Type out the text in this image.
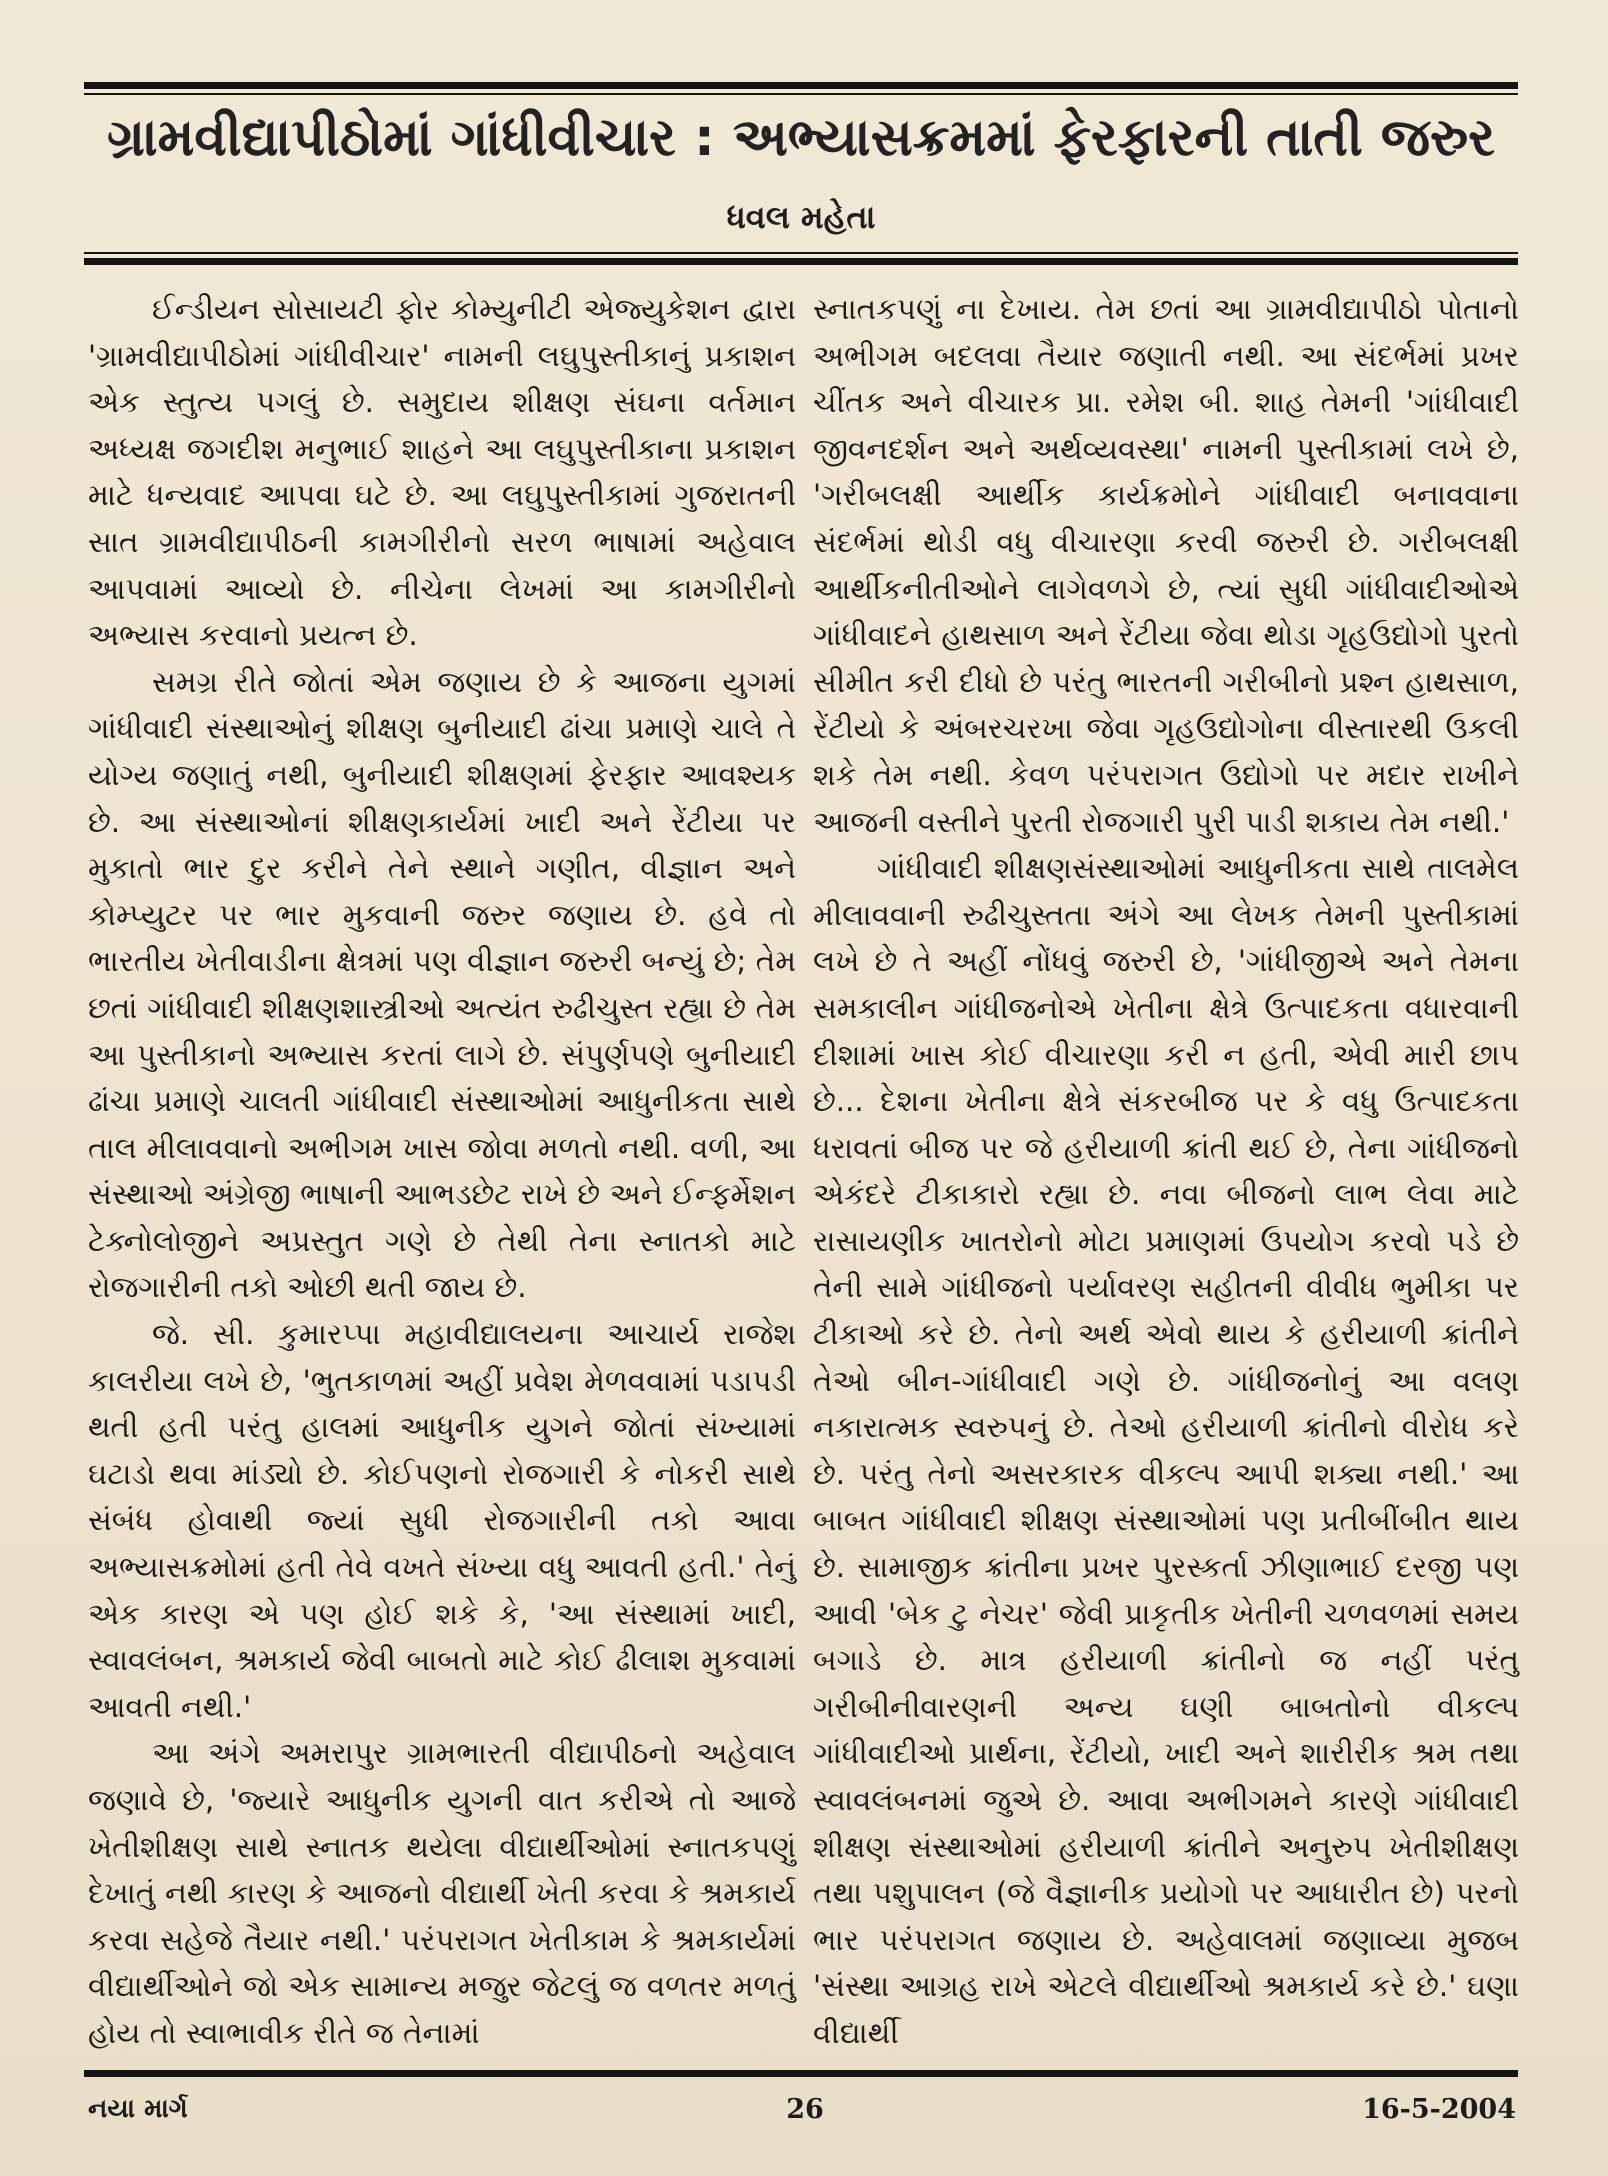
ગ્રામવીદ્યાપીઠોમાં ગાંધીવીચાર : અભ્યાસક્રમમાં ફેરફારની તાતી જરુર
ધવલ મહેતા

ઈન્ડીયન સોસાયટી ફોર કોમ્યુનીટી એજ્યુકેશન દ્વારા 'ગ્રામવીદ્યાપીઠોમાં ગાંધીવીચાર' નામની લઘુપુસ્તીકાનું પ્રકાશન એક સ્તુત્ય પગલું છે. સમુદાય શીક્ષણ સંઘના વર્તમાન અધ્યક્ષ જગદીશ મનુભાઈ શાહને આ લઘુપુસ્તીકાના પ્રકાશન માટે ધન્યવાદ આપવા ઘટે છે. આ લઘુપુસ્તીકામાં ગુજરાતની સાત ગ્રામવીદ્યાપીઠની કામગીરીનો સરળ ભાષામાં અહેવાલ આપવામાં આવ્યો છે. નીચેના લેખમાં આ કામગીરીનો અભ્યાસ કરવાનો પ્રયત્ન છે.

સમગ્ર રીતે જોતાં એમ જણાય છે કે આજના યુગમાં ગાંધીવાદી સંસ્થાઓનું શીક્ષણ બુનીયાદી ઢાંચા પ્રમાણે ચાલે તે યોગ્ય જણાતું નથી, બુનીયાદી શીક્ષણમાં ફેરફાર આવશ્યક છે. આ સંસ્થાઓનાં શીક્ષણકાર્યમાં ખાદી અને રેંટીયા પર મુકાતો ભાર દુર કરીને તેને સ્થાને ગણીત, વીજ્ઞાન અને કોમ્પ્યુટર પર ભાર મુકવાની જરુર જણાય છે. હવે તો ભારતીય ખેતીવાડીના ક્ષેત્રમાં પણ વીજ્ઞાન જરુરી બન્યું છે; તેમ છતાં ગાંધીવાદી શીક્ષણશાસ્ત્રીઓ અત્યંત રુઢીચુસ્ત રહ્યા છે તેમ આ પુસ્તીકાનો અભ્યાસ કરતાં લાગે છે. સંપુર્ણપણે બુનીયાદી ઢાંચા પ્રમાણે ચાલતી ગાંધીવાદી સંસ્થાઓમાં આધુનીકતા સાથે તાલ મીલાવવાનો અભીગમ ખાસ જોવા મળતો નથી. વળી, આ સંસ્થાઓ અંગ્રેજી ભાષાની આભડછેટ રાખે છે અને ઈન્ફર્મેશન ટેક્નોલોજીને અપ્રસ્તુત ગણે છે તેથી તેના સ્નાતકો માટે રોજગારીની તકો ઓછી થતી જાય છે.

જે. સી. કુમારપ્પા મહાવીદ્યાલયના આચાર્ય રાજેશ કાલરીયા લખે છે, 'ભુતકાળમાં અહીં પ્રવેશ મેળવવામાં પડાપડી થતી હતી પરંતુ હાલમાં આધુનીક યુગને જોતાં સંખ્યામાં ઘટાડો થવા માંડ્યો છે. કોઈપણનો રોજગારી કે નોકરી સાથે સંબંધ હોવાથી જ્યાં સુધી રોજગારીની તકો આવા અભ્યાસક્રમોમાં હતી તેવે વખતે સંખ્યા વધુ આવતી હતી.' તેનું એક કારણ એ પણ હોઈ શકે કે, 'આ સંસ્થામાં ખાદી, સ્વાવલંબન, શ્રમકાર્ય જેવી બાબતો માટે કોઈ ઢીલાશ મુકવામાં આવતી નથી.'

આ અંગે અમરાપુર ગ્રામભારતી વીદ્યાપીઠનો અહેવાલ જણાવે છે, 'જ્યારે આધુનીક યુગની વાત કરીએ તો આજે ખેતીશીક્ષણ સાથે સ્નાતક થયેલા વીદ્યાર્થીઓમાં સ્નાતકપણું દેખાતું નથી કારણ કે આજનો વીદ્યાર્થી ખેતી કરવા કે શ્રમકાર્ય કરવા સહેજે તૈયાર નથી.' પરંપરાગત ખેતીકામ કે શ્રમકાર્યમાં વીદ્યાર્થીઓને જો એક સામાન્ય મજુર જેટલું જ વળતર મળતું હોય તો સ્વાભાવીક રીતે જ તેનામાં

સ્નાતકપણું ના દેખાય. તેમ છતાં આ ગ્રામવીદ્યાપીઠો પોતાનો અભીગમ બદલવા તૈયાર જણાતી નથી. આ સંદર્ભમાં પ્રખર ચીંતક અને વીચારક પ્રા. રમેશ બી. શાહ તેમની 'ગાંધીવાદી જીવનદર્શન અને અર્થવ્યવસ્થા' નામની પુસ્તીકામાં લખે છે, 'ગરીબલક્ષી આર્થીક કાર્યક્રમોને ગાંધીવાદી બનાવવાના સંદર્ભમાં થોડી વધુ વીચારણા કરવી જરુરી છે. ગરીબલક્ષી આર્થીકનીતીઓને લાગેવળગે છે, ત્યાં સુધી ગાંધીવાદીઓએ ગાંધીવાદને હાથસાળ અને રેંટીયા જેવા થોડા ગૃહઉદ્યોગો પુરતો સીમીત કરી દીધો છે પરંતુ ભારતની ગરીબીનો પ્રશ્ન હાથસાળ, રેંટીયો કે અંબરચરખા જેવા ગૃહઉદ્યોગોના વીસ્તારથી ઉકલી શકે તેમ નથી. કેવળ પરંપરાગત ઉદ્યોગો પર મદાર રાખીને આજની વસ્તીને પુરતી રોજગારી પુરી પાડી શકાય તેમ નથી.'

ગાંધીવાદી શીક્ષણસંસ્થાઓમાં આધુનીકતા સાથે તાલમેલ મીલાવવાની રુઢીચુસ્તતા અંગે આ લેખક તેમની પુસ્તીકામાં લખે છે તે અહીં નોંધવું જરુરી છે, 'ગાંધીજીએ અને તેમના સમકાલીન ગાંધીજનોએ ખેતીના ક્ષેત્રે ઉત્પાદકતા વધારવાની દીશામાં ખાસ કોઈ વીચારણા કરી ન હતી, એવી મારી છાપ છે... દેશના ખેતીના ક્ષેત્રે સંકરબીજ પર કે વધુ ઉત્પાદકતા ધરાવતાં બીજ પર જે હરીયાળી ક્રાંતી થઈ છે, તેના ગાંધીજનો એકંદરે ટીકાકારો રહ્યા છે. નવા બીજનો લાભ લેવા માટે રાસાયણીક ખાતરોનો મોટા પ્રમાણમાં ઉપયોગ કરવો પડે છે તેની સામે ગાંધીજનો પર્યાવરણ સહીતની વીવીધ ભુમીકા પર ટીકાઓ કરે છે. તેનો અર્થ એવો થાય કે હરીયાળી ક્રાંતીને તેઓ બીન-ગાંધીવાદી ગણે છે. ગાંધીજનોનું આ વલણ નકારાત્મક સ્વરુપનું છે. તેઓ હરીયાળી ક્રાંતીનો વીરોધ કરે છે. પરંતુ તેનો અસરકારક વીકલ્પ આપી શક્યા નથી.' આ બાબત ગાંધીવાદી શીક્ષણ સંસ્થાઓમાં પણ પ્રતીબીંબીત થાય છે. સામાજીક ક્રાંતીના પ્રખર પુરસ્કર્તા ઝીણાભાઈ દરજી પણ આવી 'બેક ટુ નેચર' જેવી પ્રાકૃતીક ખેતીની ચળવળમાં સમય બગાડે છે. માત્ર હરીયાળી ક્રાંતીનો જ નહીં પરંતુ ગરીબીનીવારણની અન્ય ઘણી બાબતોનો વીકલ્પ ગાંધીવાદીઓ પ્રાર્થના, રેંટીયો, ખાદી અને શારીરીક શ્રમ તથા સ્વાવલંબનમાં જુએ છે. આવા અભીગમને કારણે ગાંધીવાદી શીક્ષણ સંસ્થાઓમાં હરીયાળી ક્રાંતીને અનુરુપ ખેતીશીક્ષણ તથા પશુપાલન (જે વૈજ્ઞાનીક પ્રયોગો પર આધારીત છે) પરનો ભાર પરંપરાગત જણાય છે. અહેવાલમાં જણાવ્યા મુજબ 'સંસ્થા આગ્રહ રાખે એટલે વીદ્યાર્થીઓ શ્રમકાર્ય કરે છે.' ઘણા વીદ્યાર્થી

નયા માર્ગ	26	16-5-2004
